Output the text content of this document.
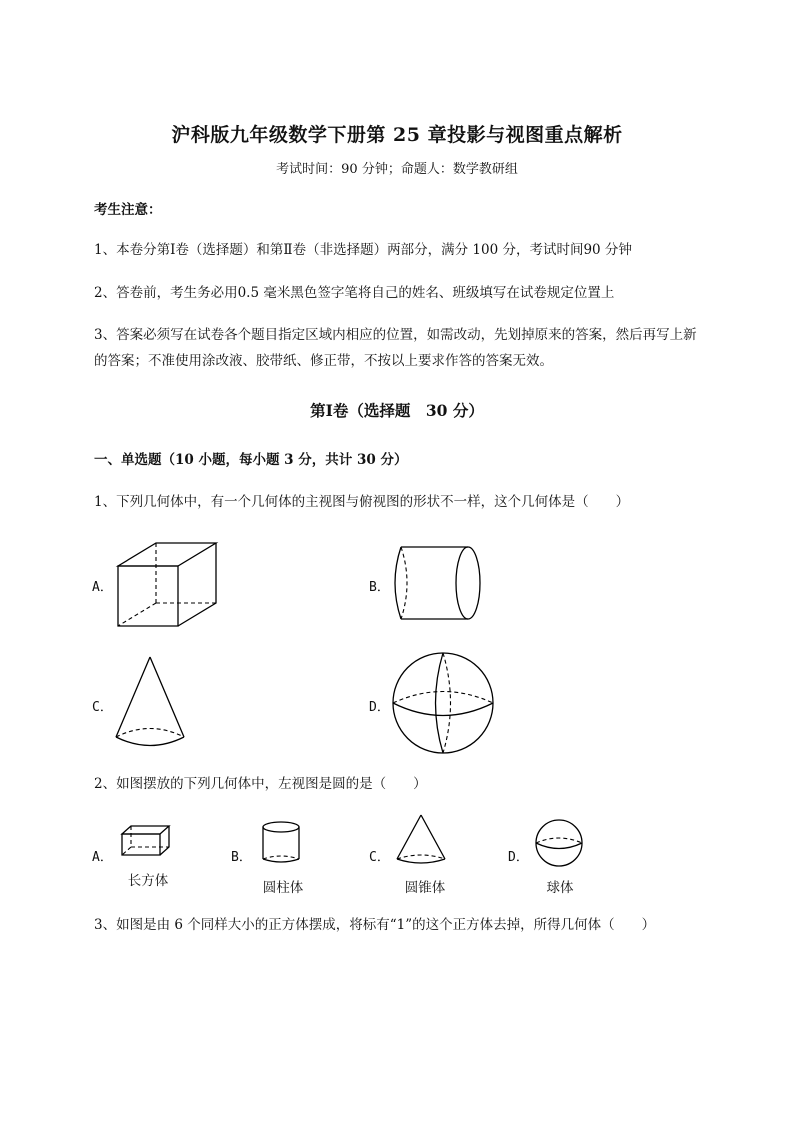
沪科版九年级数学下册第 25 章投影与视图重点解析
考试时间：90 分钟；命题人：数学教研组
考生注意：
1、本卷分第Ⅰ卷（选择题）和第Ⅱ卷（非选择题）两部分，满分 100 分，考试时间90 分钟
2、答卷前，考生务必用0.5 毫米黑色签字笔将自己的姓名、班级填写在试卷规定位置上
3、答案必须写在试卷各个题目指定区域内相应的位置，如需改动，先划掉原来的答案，然后再写上新
的答案；不准使用涂改液、胶带纸、修正带，不按以上要求作答的答案无效。
第Ⅰ卷（选择题　30 分）
一、单选题（10 小题，每小题 3 分，共计 30 分）
1、下列几何体中，有一个几何体的主视图与俯视图的形状不一样，这个几何体是（　　）
A．	B．
C．	D．
2、如图摆放的下列几何体中，左视图是圆的是（　　）
A．
长方体
B．
圆柱体
C．
圆锥体
D．
球体
3、如图是由 6 个同样大小的正方体摆成，将标有“1”的这个正方体去掉，所得几何体（　　）
